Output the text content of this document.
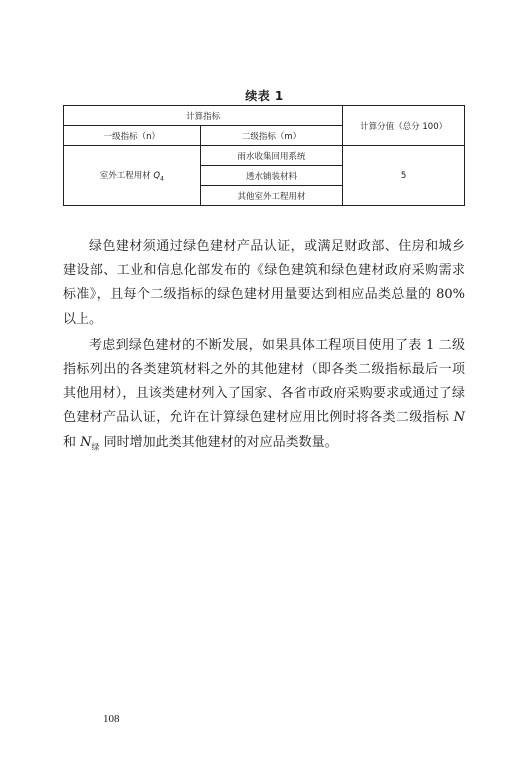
续表 1
计算指标		计算分值（总分 100）
一级指标（n）	二级指标（m）	
室外工程用材 $Q_4$	雨水收集回用系统	5
	透水铺装材料	
	其他室外工程用材	

绿色建材须通过绿色建材产品认证，或满足财政部、住房和城乡建设部、工业和信息化部发布的《绿色建筑和绿色建材政府采购需求标准》，且每个二级指标的绿色建材用量要达到相应品类总量的 80%以上。

考虑到绿色建材的不断发展，如果具体工程项目使用了表 1 二级指标列出的各类建筑材料之外的其他建材（即各类二级指标最后一项其他用材），且该类建材列入了国家、各省市政府采购要求或通过了绿色建材产品认证，允许在计算绿色建材应用比例时将各类二级指标 N 和 $N_绿$ 同时增加此类其他建材的对应品类数量。

108
